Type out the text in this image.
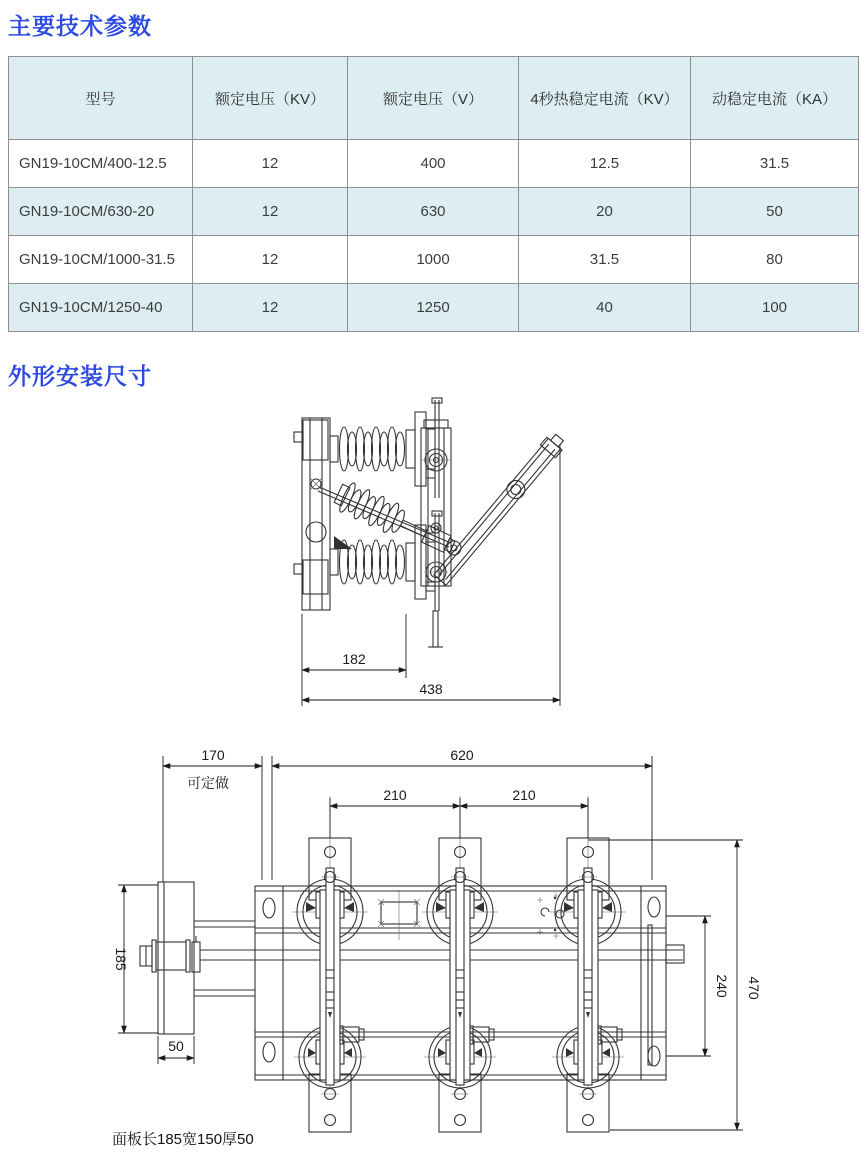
主要技术参数
型号	额定电压（KV）	额定电压（V）	4秒热稳定电流（KV）	动稳定电流（KA）
GN19-10CM/400-12.5	12	400	12.5	31.5
GN19-10CM/630-20	12	630	20	50
GN19-10CM/1000-31.5	12	1000	31.5	80
GN19-10CM/1250-40	12	1250	40	100
外形安装尺寸
182
438
170
可定做
620
210	210
185
50
240 470
面板长185宽150厚50
